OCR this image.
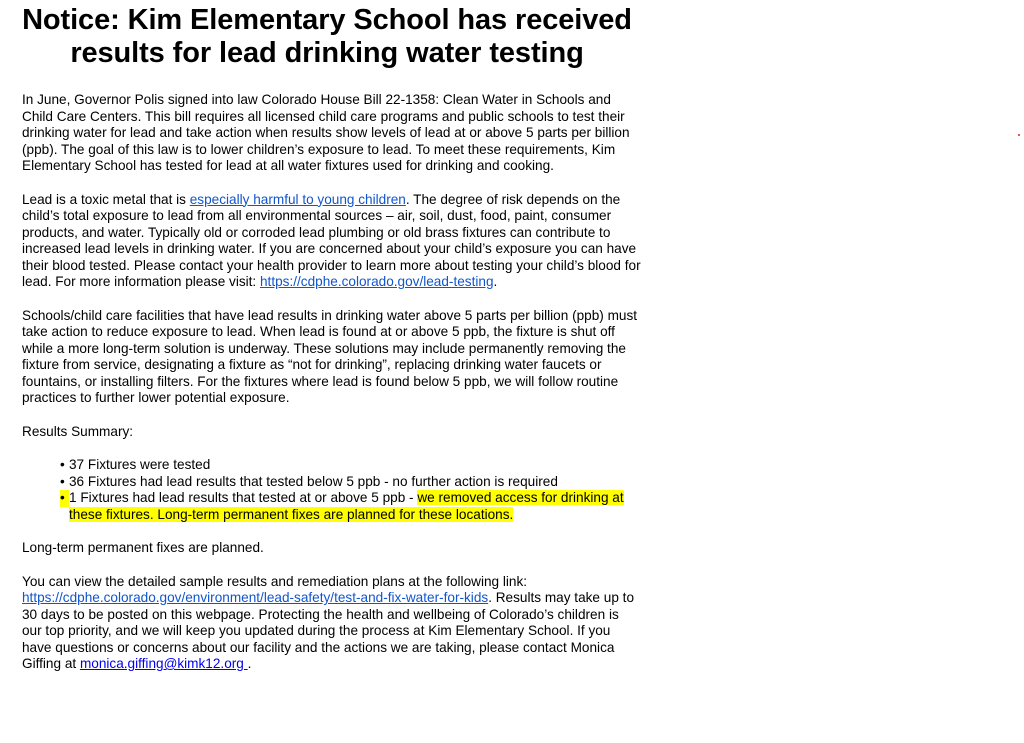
Notice: Kim Elementary School has received
results for lead drinking water testing

In June, Governor Polis signed into law Colorado House Bill 22-1358: Clean Water in Schools and Child Care Centers. This bill requires all licensed child care programs and public schools to test their drinking water for lead and take action when results show levels of lead at or above 5 parts per billion (ppb). The goal of this law is to lower children’s exposure to lead. To meet these requirements, Kim Elementary School has tested for lead at all water fixtures used for drinking and cooking.

Lead is a toxic metal that is especially harmful to young children. The degree of risk depends on the child’s total exposure to lead from all environmental sources – air, soil, dust, food, paint, consumer products, and water. Typically old or corroded lead plumbing or old brass fixtures can contribute to increased lead levels in drinking water. If you are concerned about your child’s exposure you can have their blood tested. Please contact your health provider to learn more about testing your child’s blood for lead. For more information please visit: https://cdphe.colorado.gov/lead-testing.

Schools/child care facilities that have lead results in drinking water above 5 parts per billion (ppb) must take action to reduce exposure to lead. When lead is found at or above 5 ppb, the fixture is shut off while a more long-term solution is underway. These solutions may include permanently removing the fixture from service, designating a fixture as “not for drinking”, replacing drinking water faucets or fountains, or installing filters. For the fixtures where lead is found below 5 ppb, we will follow routine practices to further lower potential exposure.

Results Summary:

• 37 Fixtures were tested
• 36 Fixtures had lead results that tested below 5 ppb - no further action is required
• 1 Fixtures had lead results that tested at or above 5 ppb - we removed access for drinking at these fixtures. Long-term permanent fixes are planned for these locations.

Long-term permanent fixes are planned.

You can view the detailed sample results and remediation plans at the following link: https://cdphe.colorado.gov/environment/lead-safety/test-and-fix-water-for-kids. Results may take up to 30 days to be posted on this webpage. Protecting the health and wellbeing of Colorado’s children is our top priority, and we will keep you updated during the process at Kim Elementary School. If you have questions or concerns about our facility and the actions we are taking, please contact Monica Giffing at monica.giffing@kimk12.org .
